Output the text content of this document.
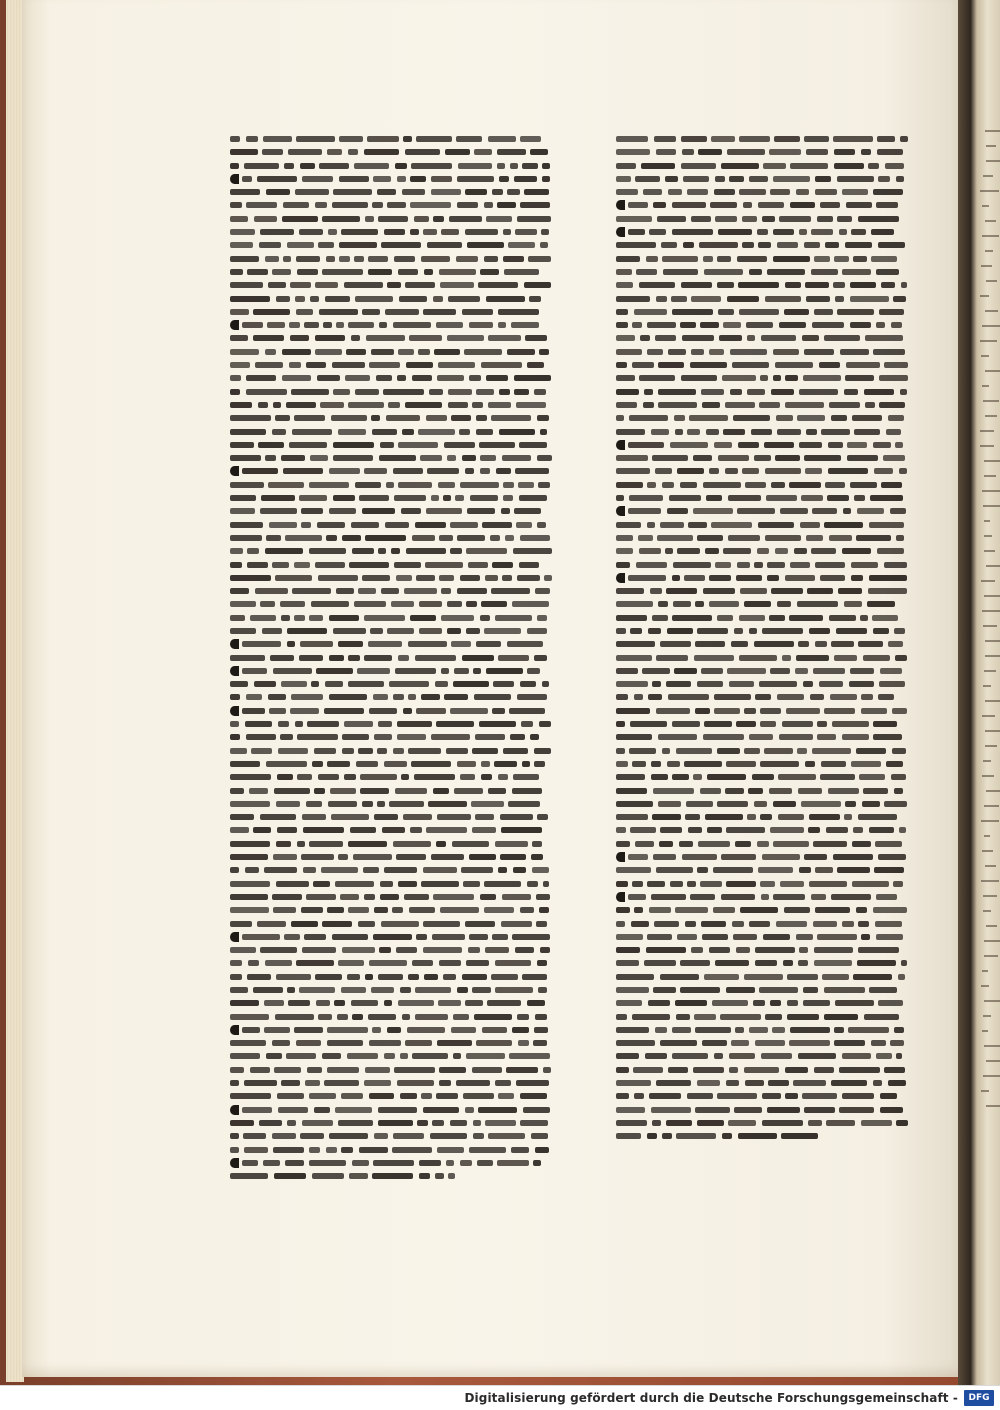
Digitalisierung gefördert durch die Deutsche Forschungsgemeinschaft -	DFG
